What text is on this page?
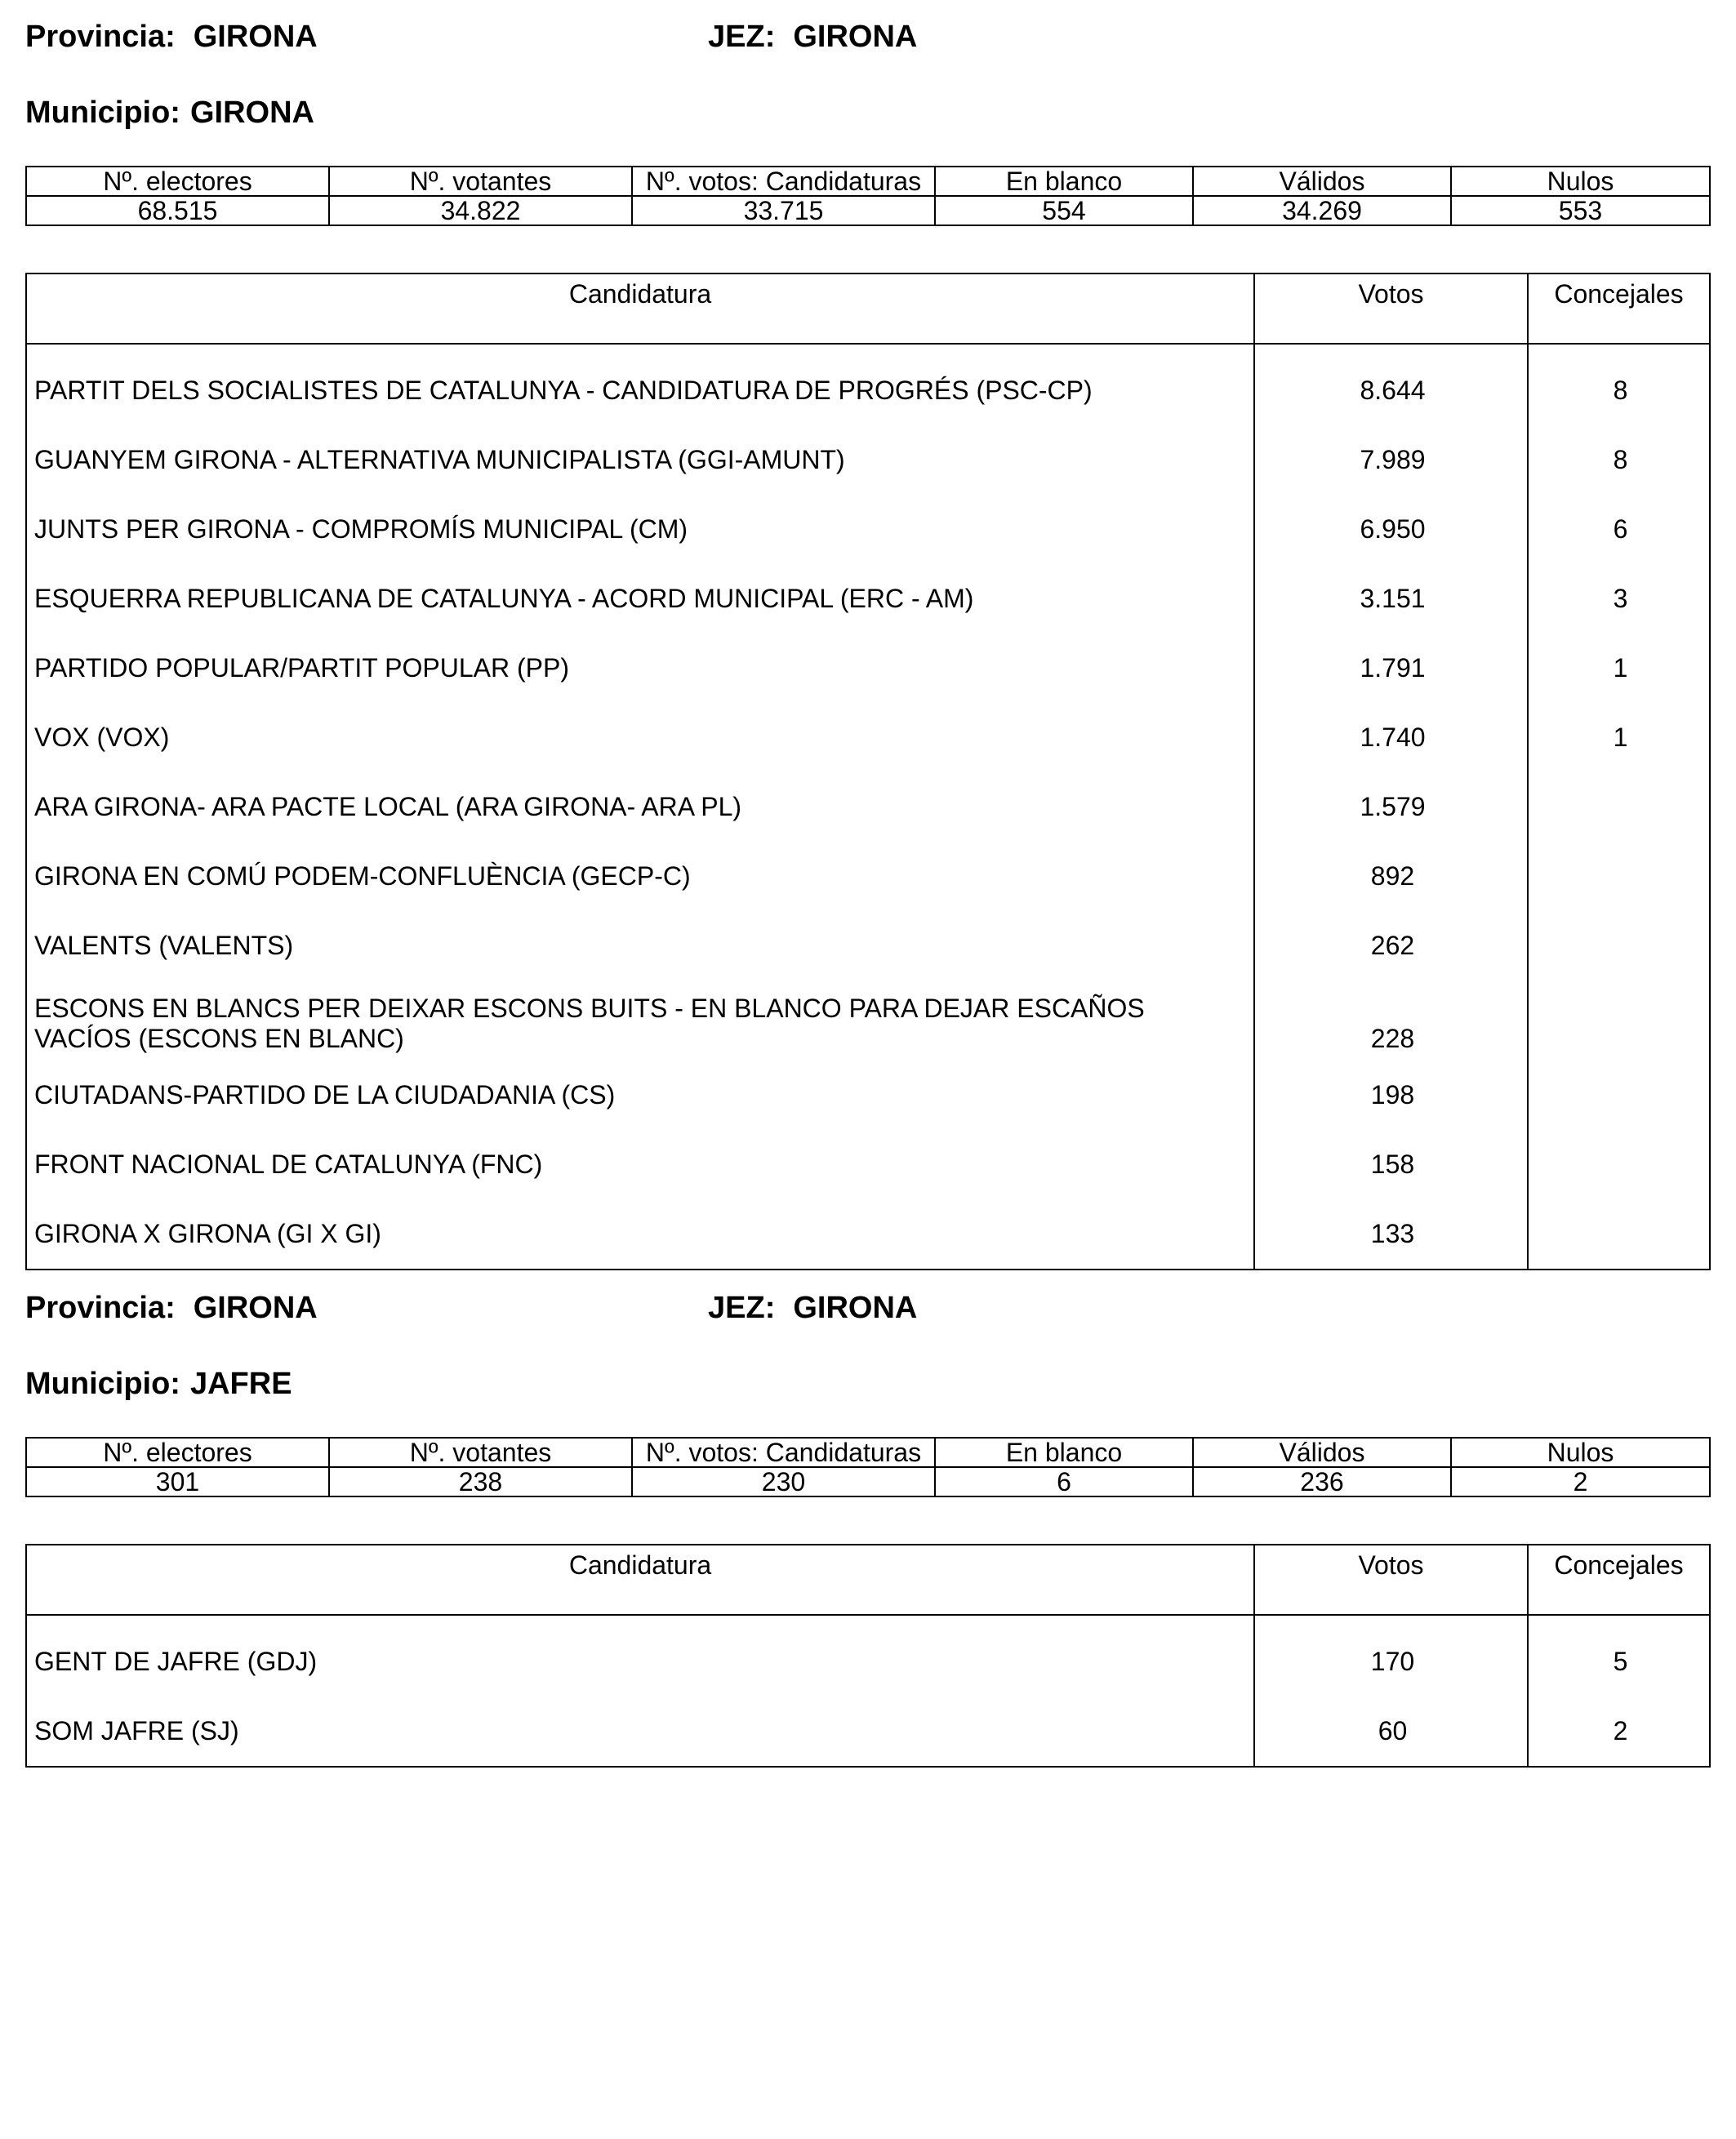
Provincia: GIRONA	JEZ: GIRONA
Municipio: GIRONA
Nº. electores	Nº. votantes	Nº. votos: Candidaturas	En blanco	Válidos	Nulos
68.515	34.822	33.715	554	34.269	553
Candidatura	Votos	Concejales

PARTIT DELS SOCIALISTES DE CATALUNYA - CANDIDATURA DE PROGRÉS (PSC-CP)	8.644	8
GUANYEM GIRONA - ALTERNATIVA MUNICIPALISTA (GGI-AMUNT)	7.989	8
JUNTS PER GIRONA - COMPROMÍS MUNICIPAL (CM)	6.950	6
ESQUERRA REPUBLICANA DE CATALUNYA - ACORD MUNICIPAL (ERC - AM)	3.151	3
PARTIDO POPULAR/PARTIT POPULAR (PP)	1.791	1
VOX (VOX)	1.740	1
ARA GIRONA- ARA PACTE LOCAL (ARA GIRONA- ARA PL)	1.579	
GIRONA EN COMÚ PODEM-CONFLUÈNCIA (GECP-C)	892	
VALENTS (VALENTS)	262	
ESCONS EN BLANCS PER DEIXAR ESCONS BUITS - EN BLANCO PARA DEJAR ESCAÑOS VACÍOS (ESCONS EN BLANC)	228	
CIUTADANS-PARTIDO DE LA CIUDADANIA (CS)	198	
FRONT NACIONAL DE CATALUNYA (FNC)	158	
GIRONA X GIRONA (GI X GI)	133	
Provincia: GIRONA	JEZ: GIRONA
Municipio: JAFRE
Nº. electores	Nº. votantes	Nº. votos: Candidaturas	En blanco	Válidos	Nulos
301	238	230	6	236	2
Candidatura	Votos	Concejales

GENT DE JAFRE (GDJ)	170	5
SOM JAFRE (SJ)	60	2
